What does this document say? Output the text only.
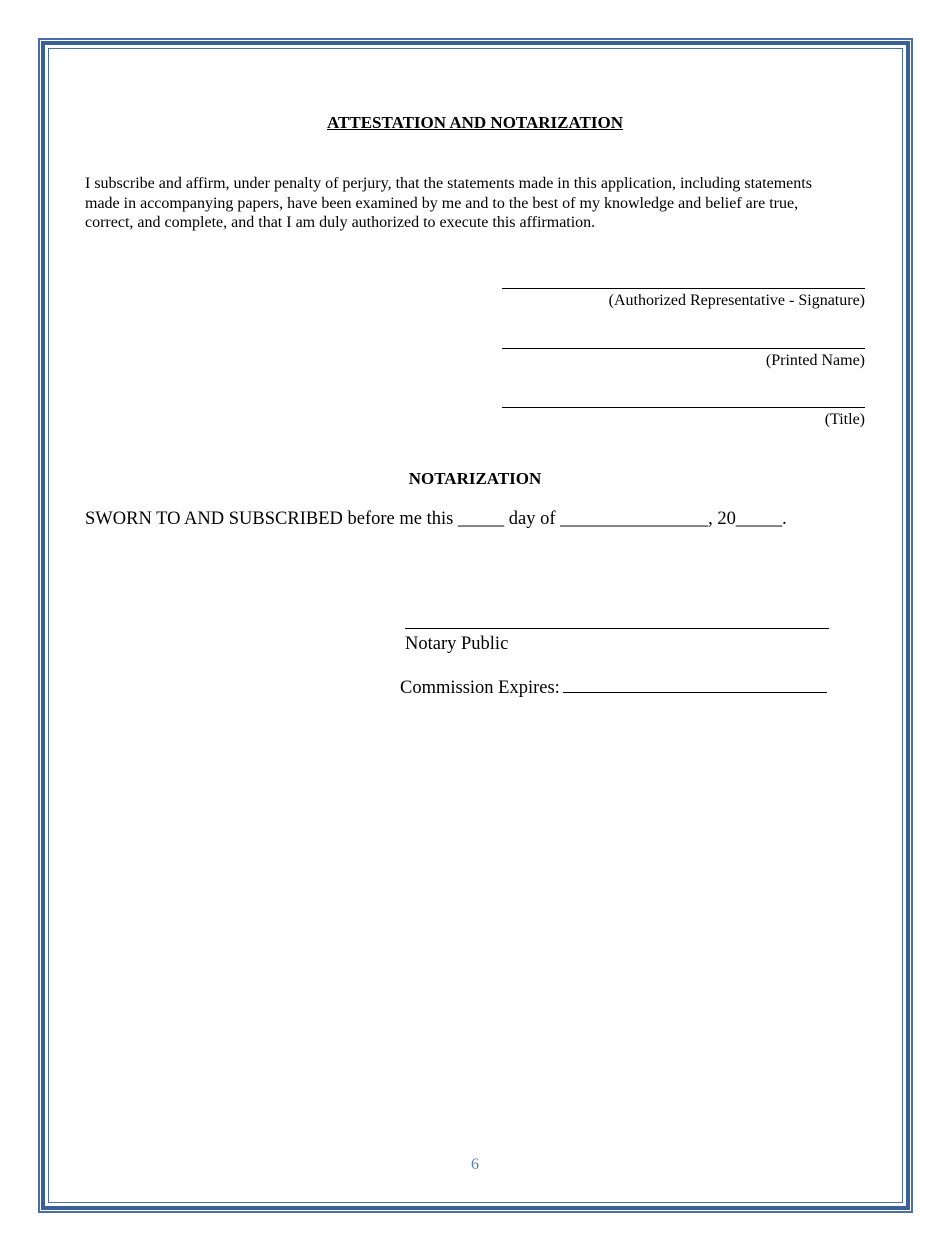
ATTESTATION AND NOTARIZATION
I subscribe and affirm, under penalty of perjury, that the statements made in this application, including statements made in accompanying papers, have been examined by me and to the best of my knowledge and belief are true, correct, and complete, and that I am duly authorized to execute this affirmation.
(Authorized Representative - Signature)
(Printed Name)
(Title)
NOTARIZATION
SWORN TO AND SUBSCRIBED before me this _____ day of ________________, 20_____.
Notary Public
Commission Expires:
6
